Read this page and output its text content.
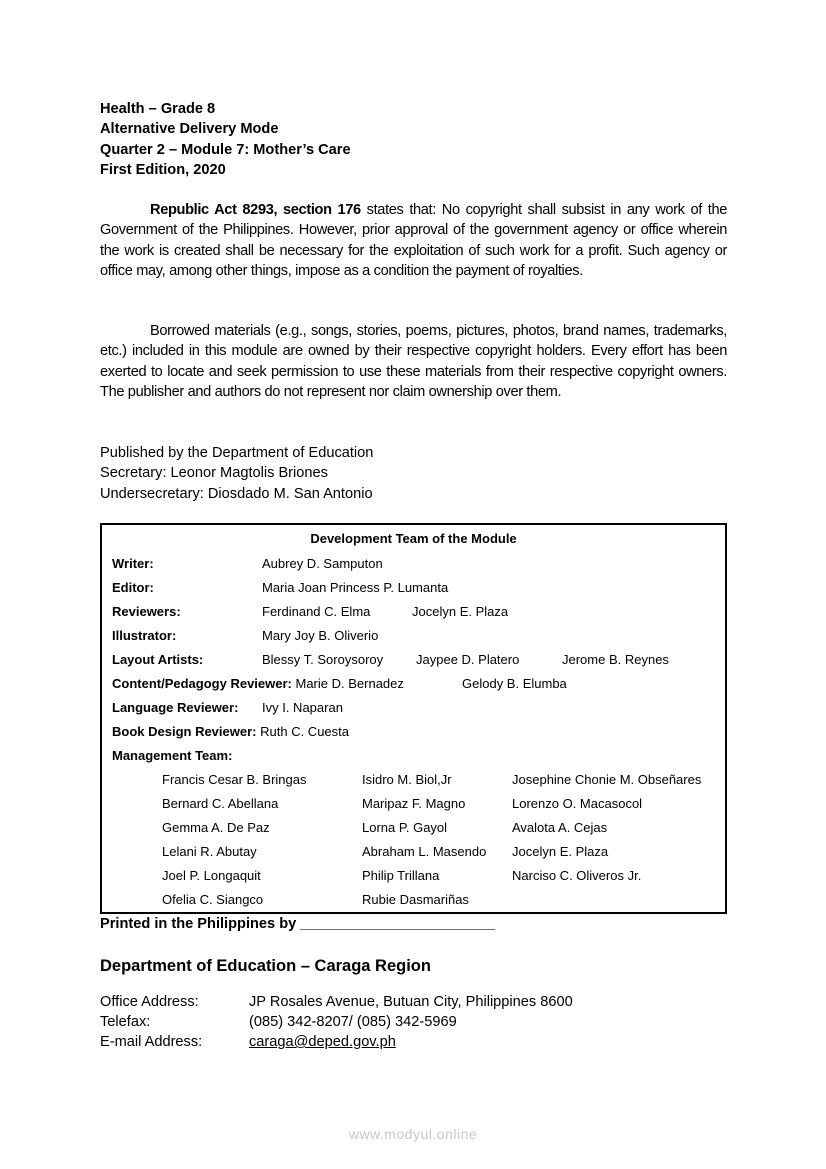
Health – Grade 8
Alternative Delivery Mode
Quarter 2 – Module 7: Mother’s Care
First Edition, 2020
Republic Act 8293, section 176 states that: No copyright shall subsist in any work of the Government of the Philippines. However, prior approval of the government agency or office wherein the work is created shall be necessary for the exploitation of such work for a profit. Such agency or office may, among other things, impose as a condition the payment of royalties.
Borrowed materials (e.g., songs, stories, poems, pictures, photos, brand names, trademarks, etc.) included in this module are owned by their respective copyright holders. Every effort has been exerted to locate and seek permission to use these materials from their respective copyright owners. The publisher and authors do not represent nor claim ownership over them.
Published by the Department of Education
Secretary: Leonor Magtolis Briones
Undersecretary: Diosdado M. San Antonio
Development Team of the Module
Writer:	Aubrey D. Samputon
Editor:	Maria Joan Princess P. Lumanta
Reviewers:	Ferdinand C. Elma	Jocelyn E. Plaza
Illustrator:	Mary Joy B. Oliverio
Layout Artists:	Blessy T. Soroysoroy	Jaypee D. Platero	Jerome B. Reynes
Content/Pedagogy Reviewer: Marie D. Bernadez	Gelody B. Elumba
Language Reviewer: Ivy I. Naparan
Book Design Reviewer: Ruth C. Cuesta
Management Team:
Francis Cesar B. Bringas	Isidro M. Biol,Jr	Josephine Chonie M. Obseñares
Bernard C. Abellana	Maripaz F. Magno	Lorenzo O. Macasocol
Gemma A. De Paz	Lorna P. Gayol	Avalota A. Cejas
Lelani R. Abutay	Abraham L. Masendo Jocelyn E. Plaza
Joel P. Longaquit	Philip Trillana	Narciso C. Oliveros Jr.
Ofelia C. Siangco	Rubie Dasmariñas
Printed in the Philippines by ________________________
Department of Education – Caraga Region
Office Address:	JP Rosales Avenue, Butuan City, Philippines 8600
Telefax:	(085) 342-8207/ (085) 342-5969
E-mail Address:	caraga@deped.gov.ph
www.modyul.online
